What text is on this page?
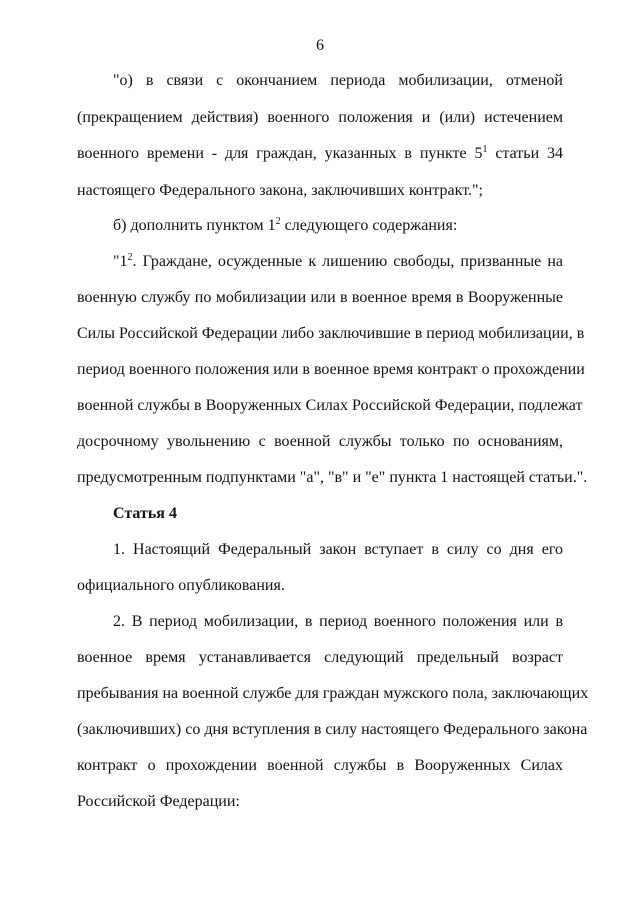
6
"о) в связи с окончанием периода мобилизации, отменой
(прекращением действия) военного положения и (или) истечением
военного времени - для граждан, указанных в пункте $5^1$ статьи 34
настоящего Федерального закона, заключивших контракт.";
б) дополнить пунктом $1^2$ следующего содержания:
"$1^2$. Граждане, осужденные к лишению свободы, призванные на
военную службу по мобилизации или в военное время в Вооруженные
Силы Российской Федерации либо заключившие в период мобилизации, в
период военного положения или в военное время контракт о прохождении
военной службы в Вооруженных Силах Российской Федерации, подлежат
досрочному увольнению с военной службы только по основаниям,
предусмотренным подпунктами "а", "в" и "е" пункта 1 настоящей статьи.".
Статья 4
1. Настоящий Федеральный закон вступает в силу со дня его
официального опубликования.
2. В период мобилизации, в период военного положения или в
военное время устанавливается следующий предельный возраст
пребывания на военной службе для граждан мужского пола, заключающих
(заключивших) со дня вступления в силу настоящего Федерального закона
контракт о прохождении военной службы в Вооруженных Силах
Российской Федерации:
